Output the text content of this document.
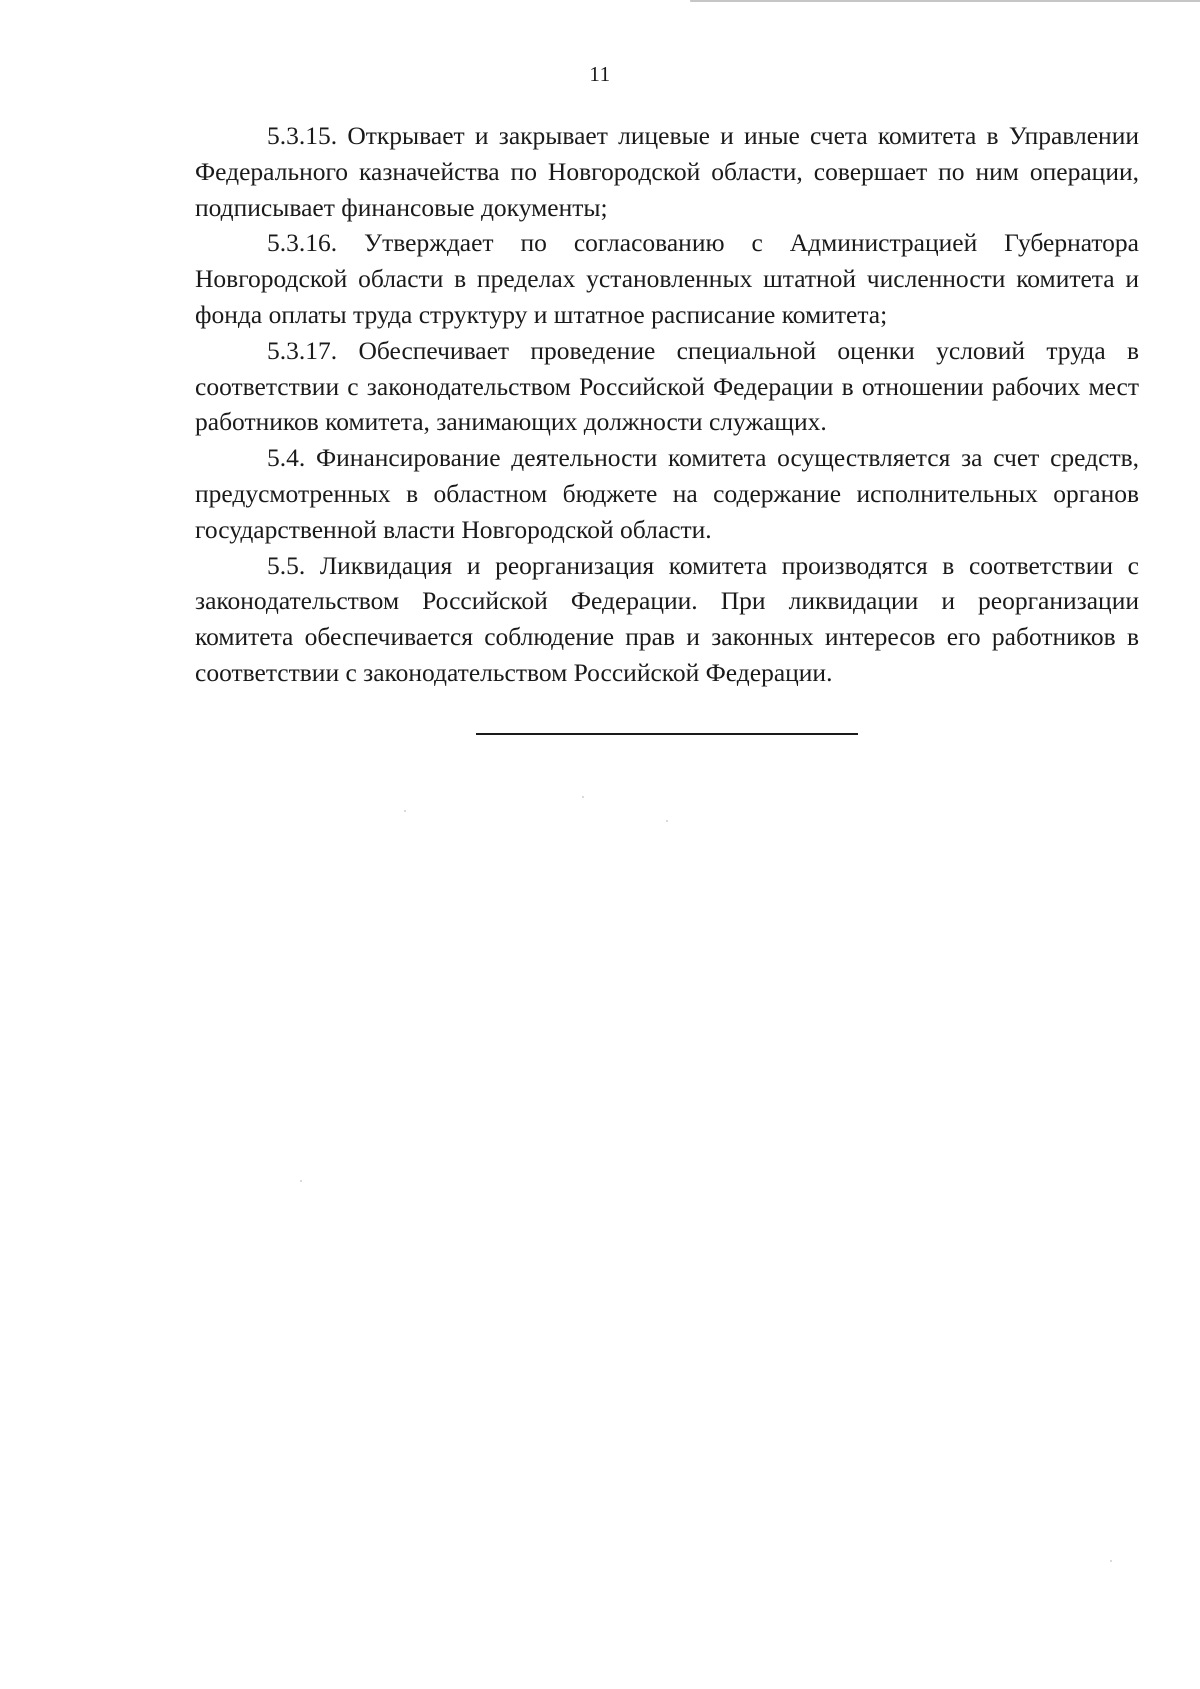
11

5.3.15. Открывает и закрывает лицевые и иные счета комитета в Управлении Федерального казначейства по Новгородской области, совершает по ним операции, подписывает финансовые документы;

5.3.16. Утверждает по согласованию с Администрацией Губернатора Новгородской области в пределах установленных штатной численности комитета и фонда оплаты труда структуру и штатное расписание комитета;

5.3.17. Обеспечивает проведение специальной оценки условий труда в соответствии с законодательством Российской Федерации в отношении рабочих мест работников комитета, занимающих должности служащих.

5.4. Финансирование деятельности комитета осуществляется за счет средств, предусмотренных в областном бюджете на содержание исполнительных органов государственной власти Новгородской области.

5.5. Ликвидация и реорганизация комитета производятся в соответствии с законодательством Российской Федерации. При ликвидации и реорганизации комитета обеспечивается соблюдение прав и законных интересов его работников в соответствии с законодательством Российской Федерации.
